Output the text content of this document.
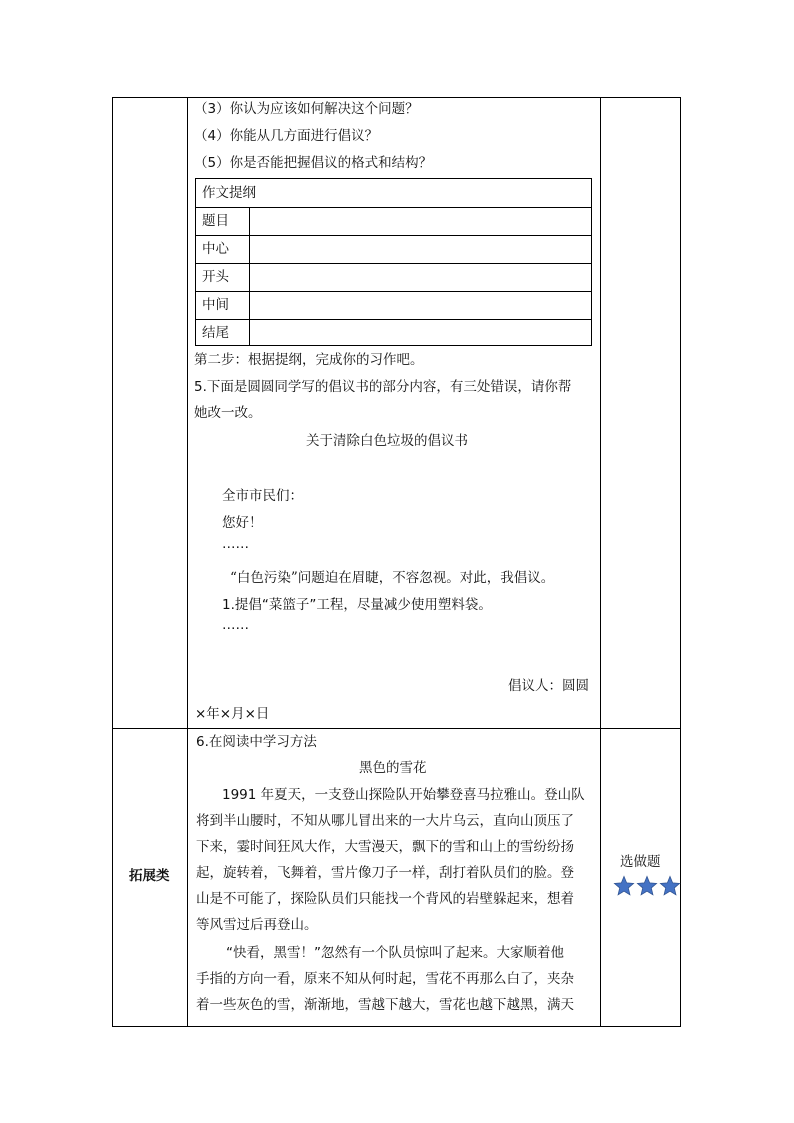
（3）你认为应该如何解决这个问题？
（4）你能从几方面进行倡议？
（5）你是否能把握倡议的格式和结构？
作文提纲
题目
中心
开头
中间
结尾
第二步：根据提纲，完成你的习作吧。
5.下面是圆圆同学写的倡议书的部分内容，有三处错误，请你帮
她改一改。
关于清除白色垃圾的倡议书
全市市民们：
您好！
……
“白色污染”问题迫在眉睫，不容忽视。对此，我倡议。
1.提倡“菜篮子”工程，尽量减少使用塑料袋。
……
倡议人：圆圆
×年×月×日
拓展类
6.在阅读中学习方法
黑色的雪花
1991 年夏天，一支登山探险队开始攀登喜马拉雅山。登山队
将到半山腰时，不知从哪儿冒出来的一大片乌云，直向山顶压了
下来，霎时间狂风大作，大雪漫天，飘下的雪和山上的雪纷纷扬
起，旋转着，飞舞着，雪片像刀子一样，刮打着队员们的脸。登
山是不可能了，探险队员们只能找一个背风的岩壁躲起来，想着
等风雪过后再登山。
“快看，黑雪！”忽然有一个队员惊叫了起来。大家顺着他
手指的方向一看，原来不知从何时起，雪花不再那么白了，夹杂
着一些灰色的雪，渐渐地，雪越下越大，雪花也越下越黑，满天
选做题
